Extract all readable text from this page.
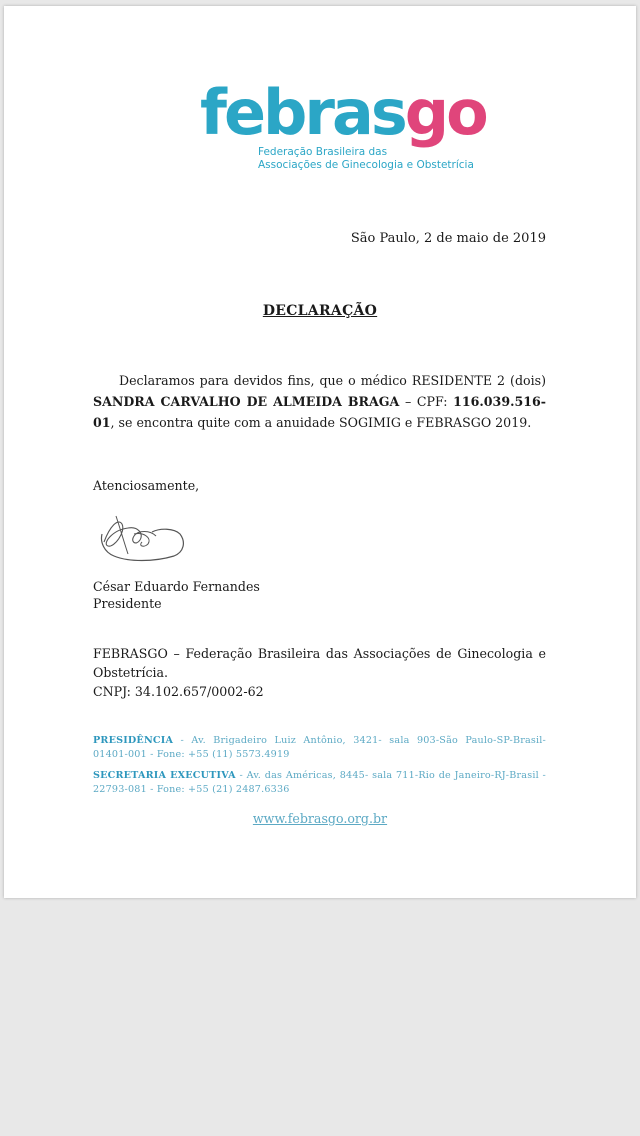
febrasgo
Federação Brasileira das
Associações de Ginecologia e Obstetrícia
São Paulo, 2 de maio de 2019
DECLARAÇÃO
Declaramos para devidos fins, que o médico RESIDENTE 2 (dois) SANDRA CARVALHO DE ALMEIDA BRAGA – CPF: 116.039.516-01, se encontra quite com a anuidade SOGIMIG e FEBRASGO 2019.
Atenciosamente,
César Eduardo Fernandes
Presidente
FEBRASGO – Federação Brasileira das Associações de Ginecologia e Obstetrícia.
CNPJ: 34.102.657/0002-62
PRESIDÊNCIA - Av. Brigadeiro Luiz Antônio, 3421- sala 903-São Paulo-SP-Brasil- 01401-001 - Fone: +55 (11) 5573.4919
SECRETARIA EXECUTIVA - Av. das Américas, 8445- sala 711-Rio de Janeiro-RJ-Brasil - 22793-081 - Fone: +55 (21) 2487.6336
www.febrasgo.org.br
